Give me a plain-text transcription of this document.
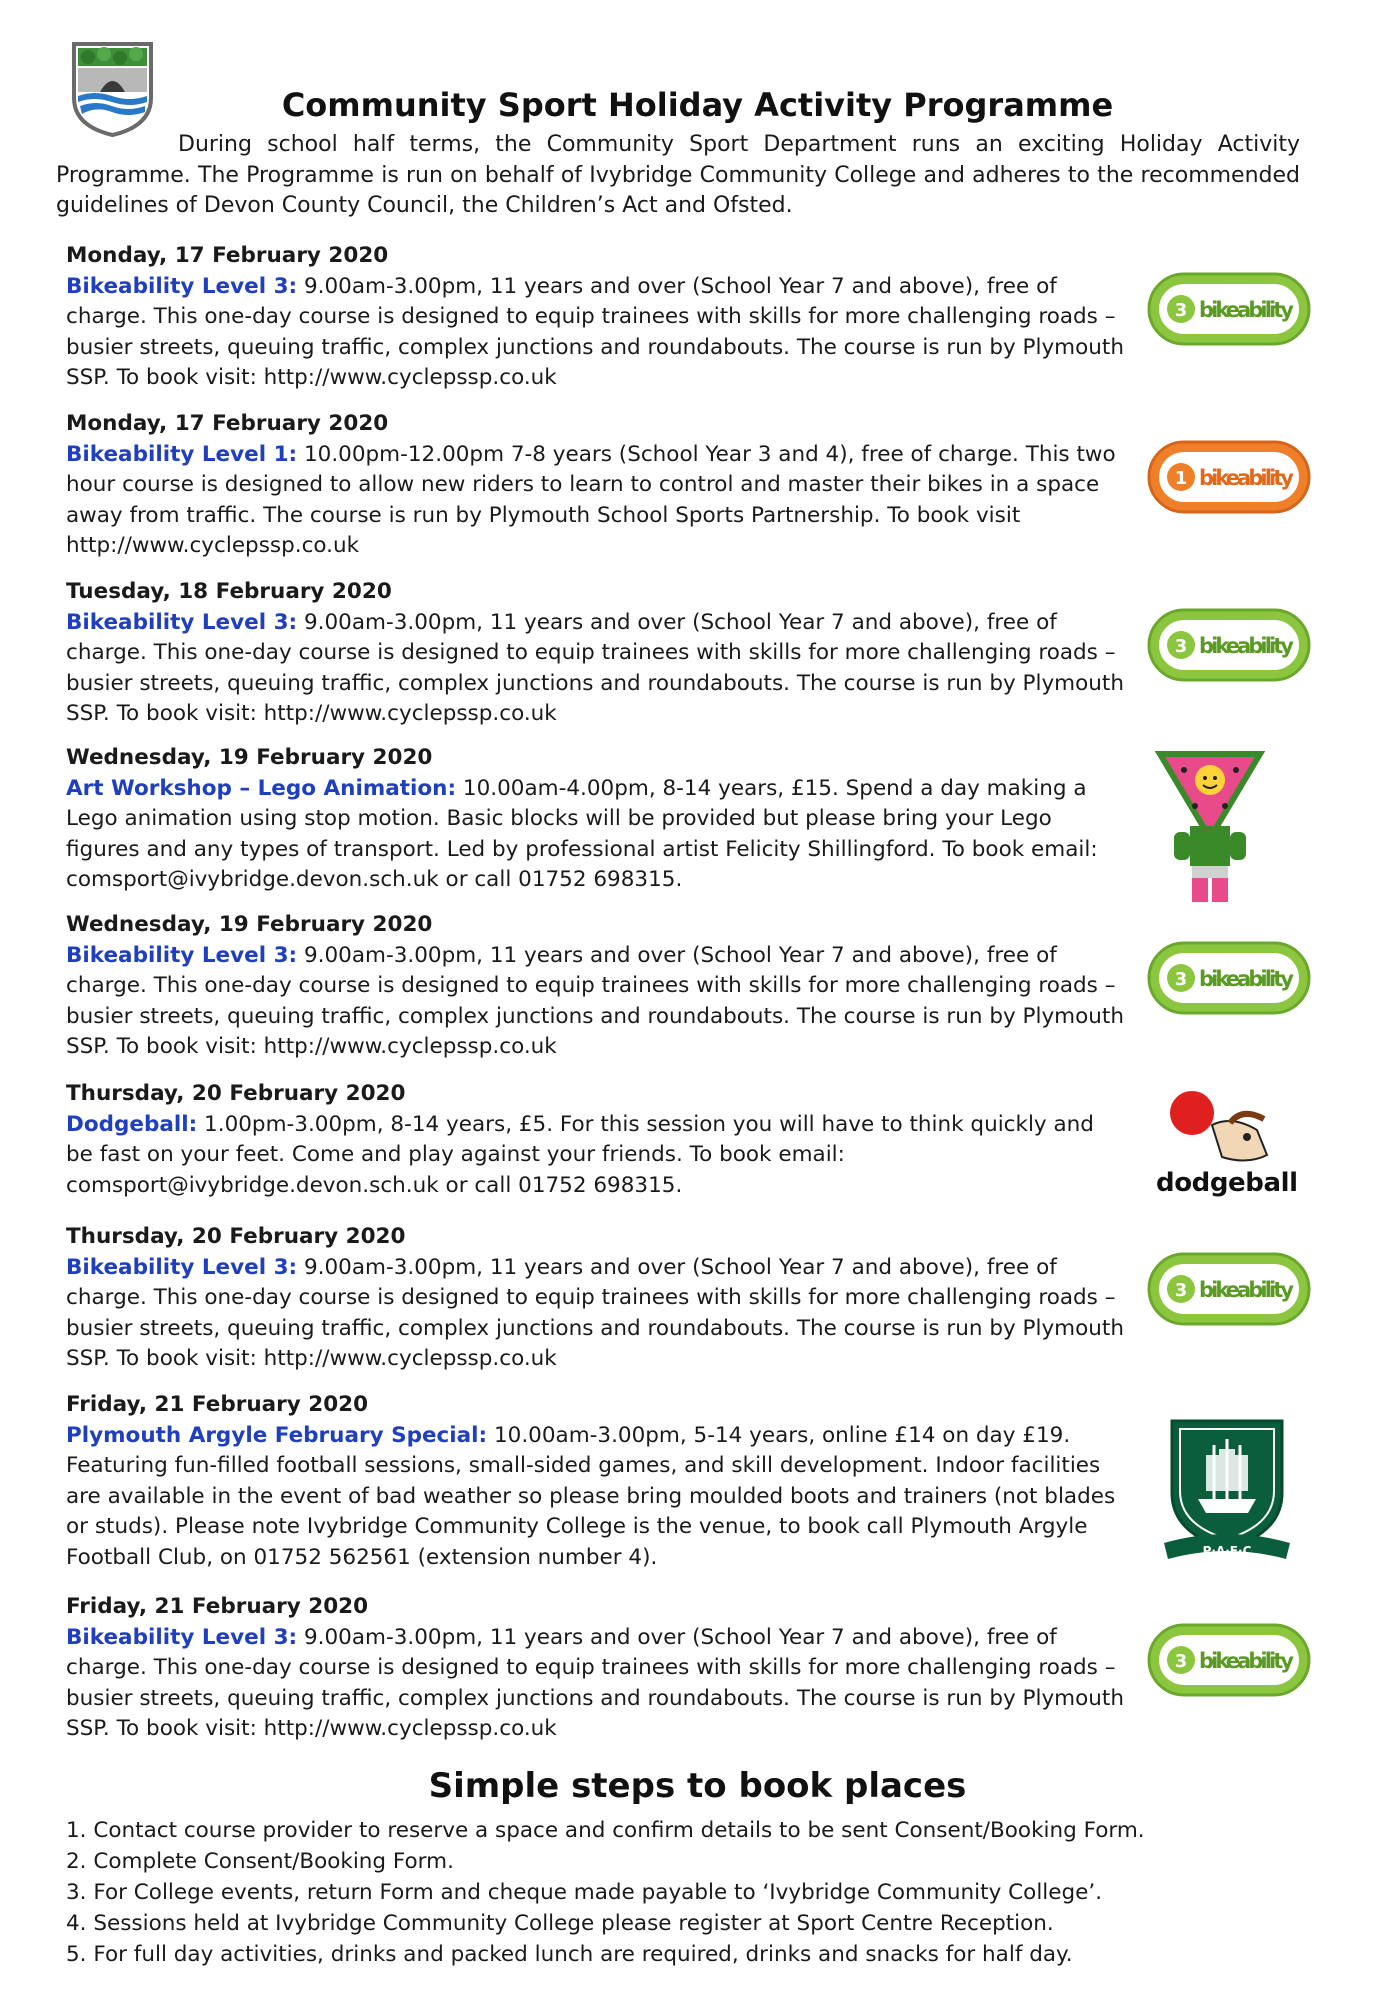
Community Sport Holiday Activity Programme

During school half terms, the Community Sport Department runs an exciting Holiday Activity Programme. The Programme is run on behalf of Ivybridge Community College and adheres to the recommended guidelines of Devon County Council, the Children’s Act and Ofsted.

Monday, 17 February 2020
Bikeability Level 3: 9.00am-3.00pm, 11 years and over (School Year 7 and above), free of charge. This one-day course is designed to equip trainees with skills for more challenging roads – busier streets, queuing traffic, complex junctions and roundabouts. The course is run by Plymouth SSP. To book visit: http://www.cyclepssp.co.uk
Monday, 17 February 2020
Bikeability Level 1: 10.00pm-12.00pm 7-8 years (School Year 3 and 4), free of charge. This two hour course is designed to allow new riders to learn to control and master their bikes in a space away from traffic. The course is run by Plymouth School Sports Partnership. To book visit http://www.cyclepssp.co.uk
Tuesday, 18 February 2020
Bikeability Level 3: 9.00am-3.00pm, 11 years and over (School Year 7 and above), free of charge. This one-day course is designed to equip trainees with skills for more challenging roads – busier streets, queuing traffic, complex junctions and roundabouts. The course is run by Plymouth SSP. To book visit: http://www.cyclepssp.co.uk
Wednesday, 19 February 2020
Art Workshop – Lego Animation: 10.00am-4.00pm, 8-14 years, £15. Spend a day making a Lego animation using stop motion. Basic blocks will be provided but please bring your Lego figures and any types of transport. Led by professional artist Felicity Shillingford. To book email: comsport@ivybridge.devon.sch.uk or call 01752 698315.
Wednesday, 19 February 2020
Bikeability Level 3: 9.00am-3.00pm, 11 years and over (School Year 7 and above), free of charge. This one-day course is designed to equip trainees with skills for more challenging roads – busier streets, queuing traffic, complex junctions and roundabouts. The course is run by Plymouth SSP. To book visit: http://www.cyclepssp.co.uk
Thursday, 20 February 2020
Dodgeball: 1.00pm-3.00pm, 8-14 years, £5. For this session you will have to think quickly and be fast on your feet. Come and play against your friends. To book email: comsport@ivybridge.devon.sch.uk or call 01752 698315.
Thursday, 20 February 2020
Bikeability Level 3: 9.00am-3.00pm, 11 years and over (School Year 7 and above), free of charge. This one-day course is designed to equip trainees with skills for more challenging roads – busier streets, queuing traffic, complex junctions and roundabouts. The course is run by Plymouth SSP. To book visit: http://www.cyclepssp.co.uk
Friday, 21 February 2020
Plymouth Argyle February Special: 10.00am-3.00pm, 5-14 years, online £14 on day £19. Featuring fun-filled football sessions, small-sided games, and skill development. Indoor facilities are available in the event of bad weather so please bring moulded boots and trainers (not blades or studs). Please note Ivybridge Community College is the venue, to book call Plymouth Argyle Football Club, on 01752 562561 (extension number 4).
Friday, 21 February 2020
Bikeability Level 3: 9.00am-3.00pm, 11 years and over (School Year 7 and above), free of charge. This one-day course is designed to equip trainees with skills for more challenging roads – busier streets, queuing traffic, complex junctions and roundabouts. The course is run by Plymouth SSP. To book visit: http://www.cyclepssp.co.uk
3 bikeability
1 bikeability
3 bikeability
3 bikeability
dodgeball
3 bikeability
P·A·F·C
3 bikeability
Simple steps to book places
1. Contact course provider to reserve a space and confirm details to be sent Consent/Booking Form.
2. Complete Consent/Booking Form.
3. For College events, return Form and cheque made payable to ‘Ivybridge Community College’.
4. Sessions held at Ivybridge Community College please register at Sport Centre Reception.
5. For full day activities, drinks and packed lunch are required, drinks and snacks for half day.
